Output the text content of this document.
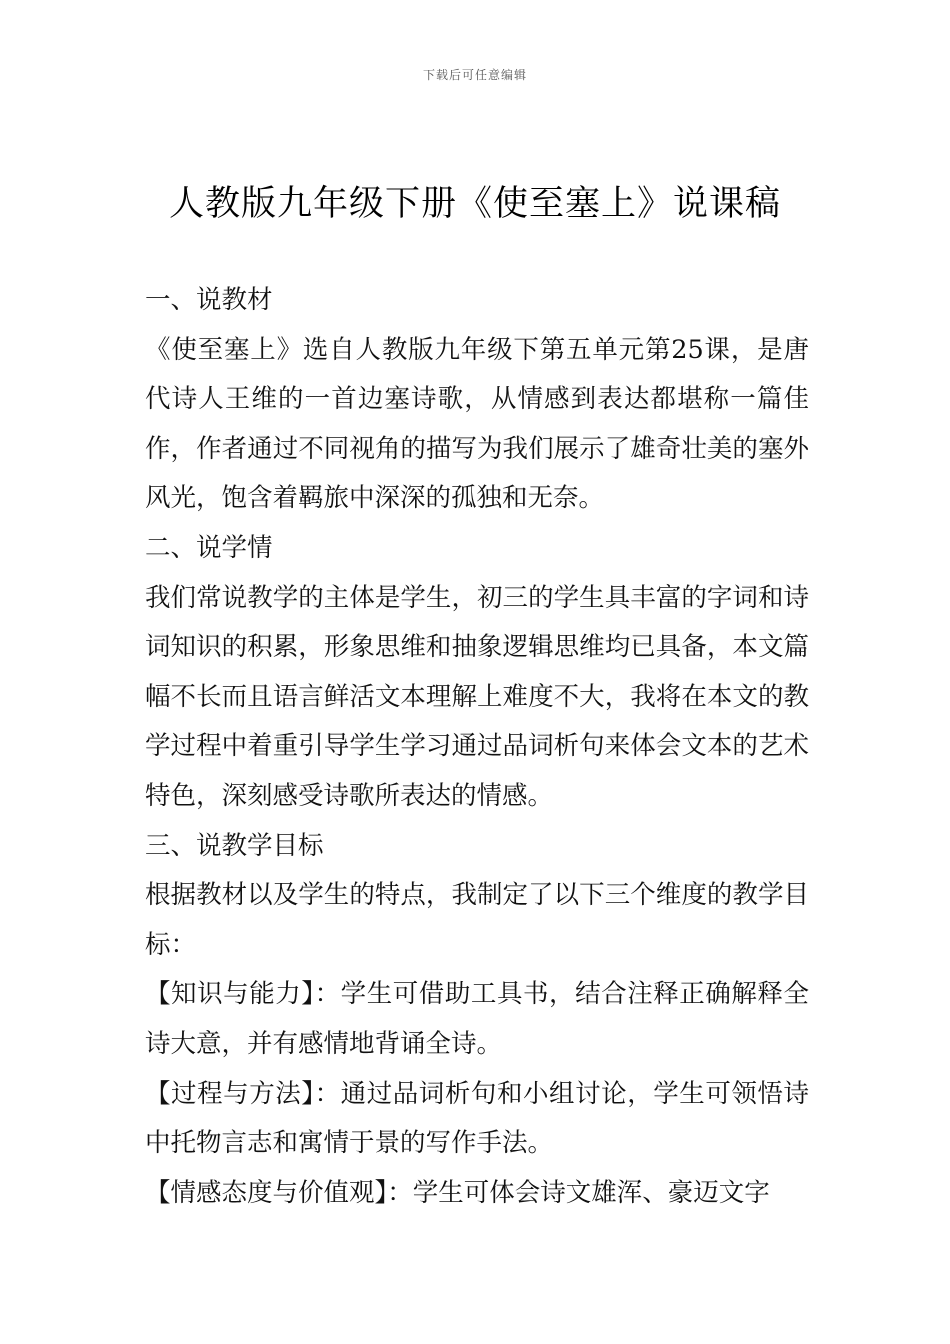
下载后可任意编辑
人教版九年级下册《使至塞上》说课稿

一、说教材

《使至塞上》选自人教版九年级下第五单元第25课，是唐代诗人王维的一首边塞诗歌，从情感到表达都堪称一篇佳作，作者通过不同视角的描写为我们展示了雄奇壮美的塞外风光，饱含着羁旅中深深的孤独和无奈。

二、说学情

我们常说教学的主体是学生，初三的学生具丰富的字词和诗词知识的积累，形象思维和抽象逻辑思维均已具备，本文篇幅不长而且语言鲜活文本理解上难度不大，我将在本文的教学过程中着重引导学生学习通过品词析句来体会文本的艺术特色，深刻感受诗歌所表达的情感。

三、说教学目标

根据教材以及学生的特点，我制定了以下三个维度的教学目标：

【知识与能力】：学生可借助工具书，结合注释正确解释全诗大意，并有感情地背诵全诗。

【过程与方法】：通过品词析句和小组讨论，学生可领悟诗中托物言志和寓情于景的写作手法。

【情感态度与价值观】：学生可体会诗文雄浑、豪迈文字
